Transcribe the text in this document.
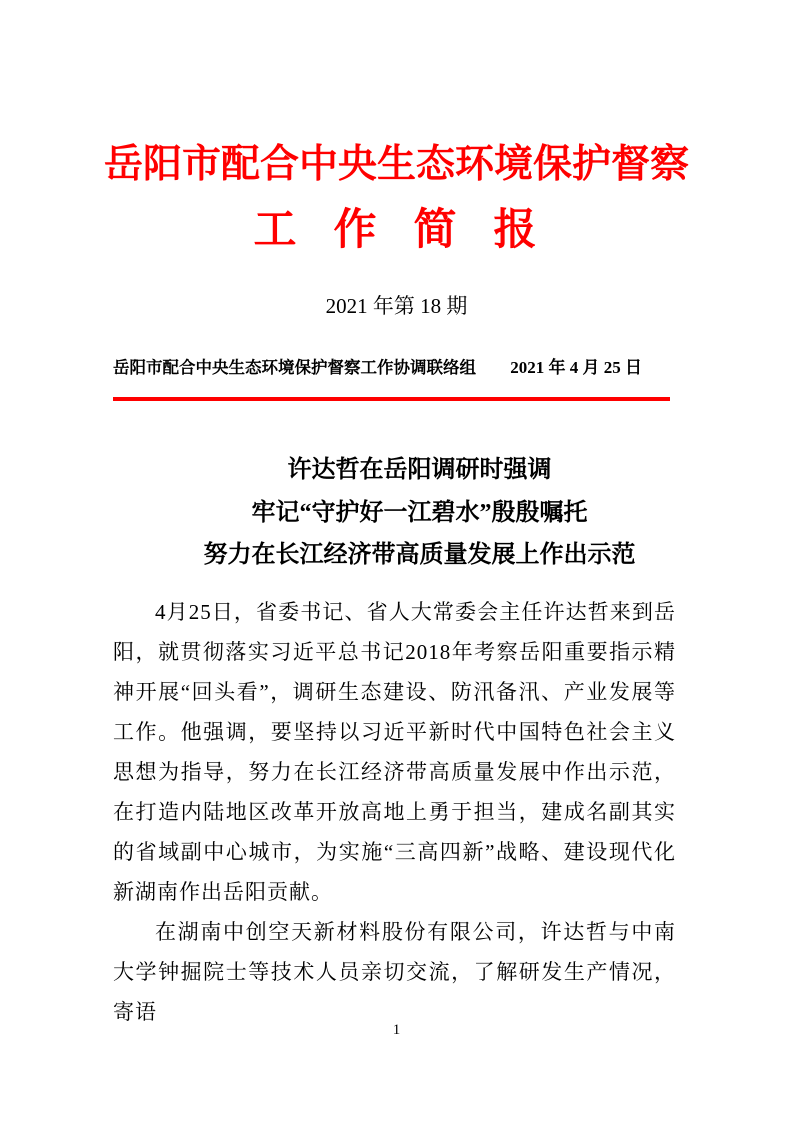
岳阳市配合中央生态环境保护督察
工作简报
2021 年第 18 期
岳阳市配合中央生态环境保护督察工作协调联络组 2021 年 4 月 25 日
许达哲在岳阳调研时强调
牢记“守护好一江碧水”殷殷嘱托
努力在长江经济带高质量发展上作出示范

4月25日，省委书记、省人大常委会主任许达哲来到岳阳，就贯彻落实习近平总书记2018年考察岳阳重要指示精神开展“回头看”，调研生态建设、防汛备汛、产业发展等工作。他强调，要坚持以习近平新时代中国特色社会主义思想为指导，努力在长江经济带高质量发展中作出示范，在打造内陆地区改革开放高地上勇于担当，建成名副其实的省域副中心城市，为实施“三高四新”战略、建设现代化新湖南作出岳阳贡献。

在湖南中创空天新材料股份有限公司，许达哲与中南大学钟掘院士等技术人员亲切交流，了解研发生产情况，寄语

1
